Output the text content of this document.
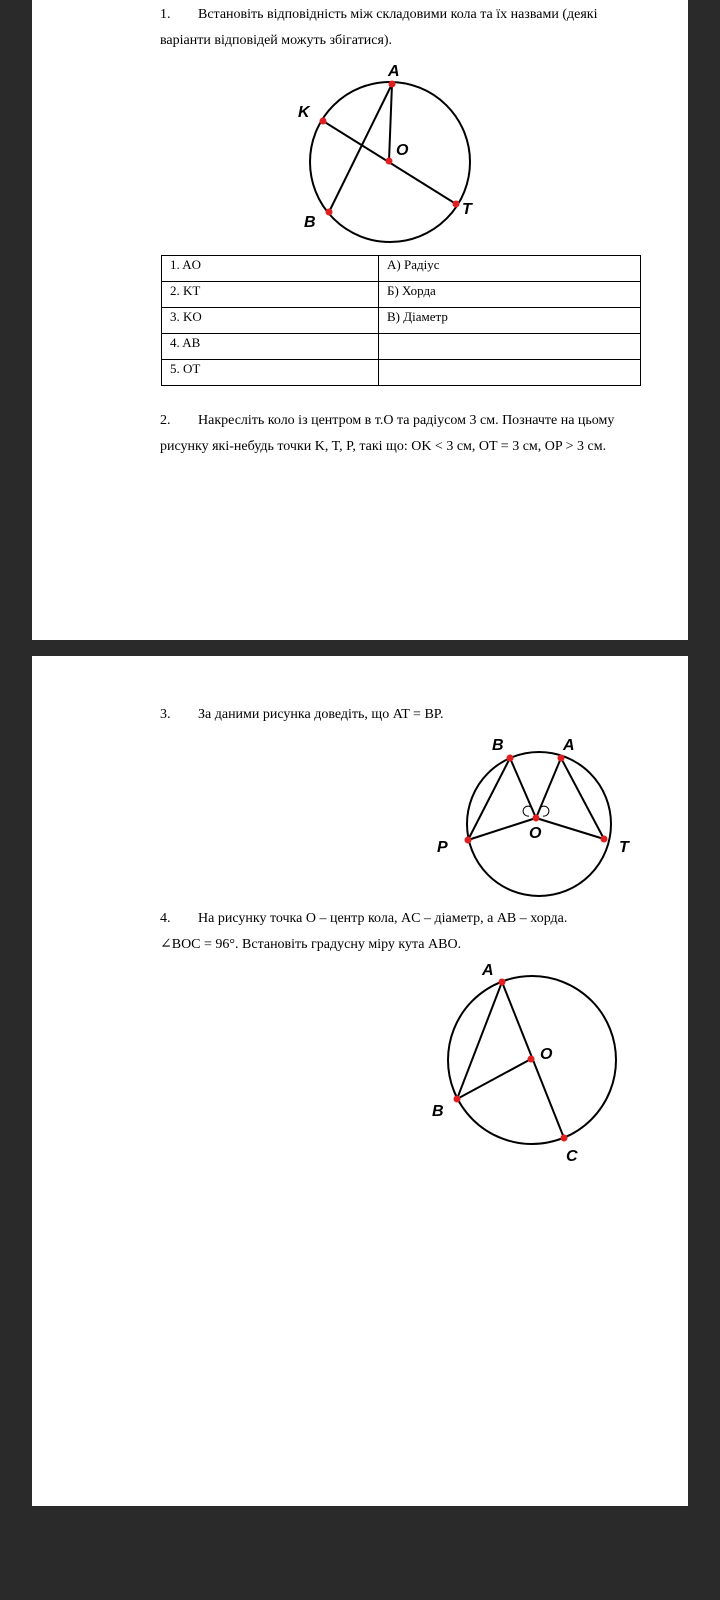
1.	Встановіть відповідність між складовими кола та їх назвами (деякі
варіанти відповідей можуть збігатися).
A
K
O
B
T
1. AO	А) Радіус
2. KT	Б) Хорда
3. KO	В) Діаметр
4. AB	
5. OT	
2.	Накресліть коло із центром в т.O та радіусом 3 см. Позначте на цьому
рисунку які-небудь точки K, T, P, такі що: OK < 3 см, OT = 3 см, OP > 3 см.
3.	За даними рисунка доведіть, що AT = BP.
B	A
O
P	T
4.	На рисунку точка O – центр кола, AC – діаметр, а AB – хорда.
∠BOC = 96°. Встановіть градусну міру кута ABO.
A
O
B
C
